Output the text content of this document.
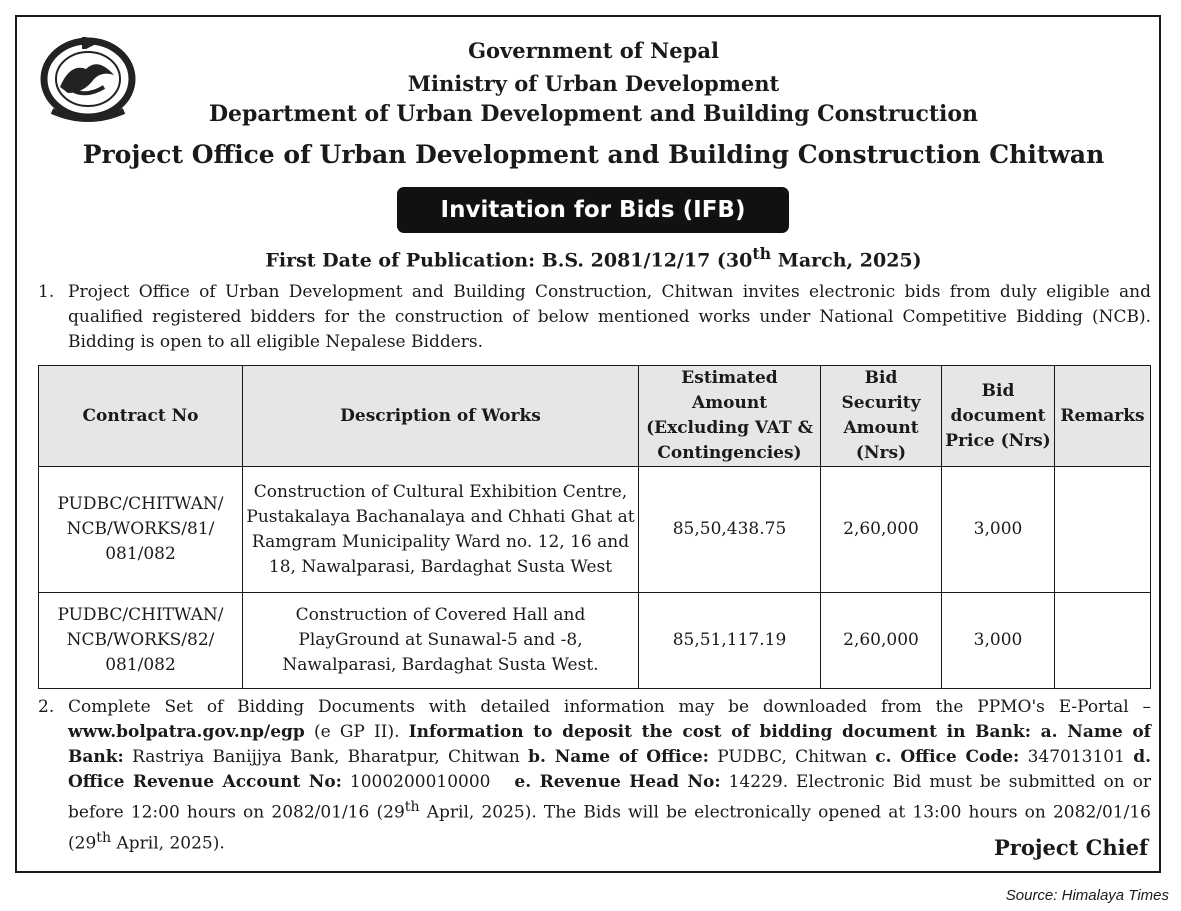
Government of Nepal
Ministry of Urban Development
Department of Urban Development and Building Construction
Project Office of Urban Development and Building Construction Chitwan
Invitation for Bids (IFB)
First Date of Publication: B.S. 2081/12/17 (30th March, 2025)
1. Project Office of Urban Development and Building Construction, Chitwan invites electronic bids from duly eligible and qualified registered bidders for the construction of below mentioned works under National Competitive Bidding (NCB). Bidding is open to all eligible Nepalese Bidders.
Contract No	Description of Works	Estimated Amount (Excluding VAT & Contingencies)	Bid Security Amount (Nrs)	Bid document Price (Nrs)	Remarks
PUDBC/CHITWAN/ NCB/WORKS/81/ 081/082	Construction of Cultural Exhibition Centre, Pustakalaya Bachanalaya and Chhati Ghat at Ramgram Municipality Ward no. 12, 16 and 18, Nawalparasi, Bardaghat Susta West	85,50,438.75	2,60,000	3,000	
PUDBC/CHITWAN/ NCB/WORKS/82/ 081/082	Construction of Covered Hall and PlayGround at Sunawal-5 and -8, Nawalparasi, Bardaghat Susta West.	85,51,117.19	2,60,000	3,000	
2. Complete Set of Bidding Documents with detailed information may be downloaded from the PPMO's E-Portal – www.bolpatra.gov.np/egp (e GP II). Information to deposit the cost of bidding document in Bank: a. Name of Bank: Rastriya Banijjya Bank, Bharatpur, Chitwan b. Name of Office: PUDBC, Chitwan c. Office Code: 347013101 d. Office Revenue Account No: 1000200010000   e. Revenue Head No: 14229. Electronic Bid must be submitted on or before 12:00 hours on 2082/01/16 (29th April, 2025). The Bids will be electronically opened at 13:00 hours on 2082/01/16 (29th April, 2025).	Project Chief
Source: Himalaya Times
